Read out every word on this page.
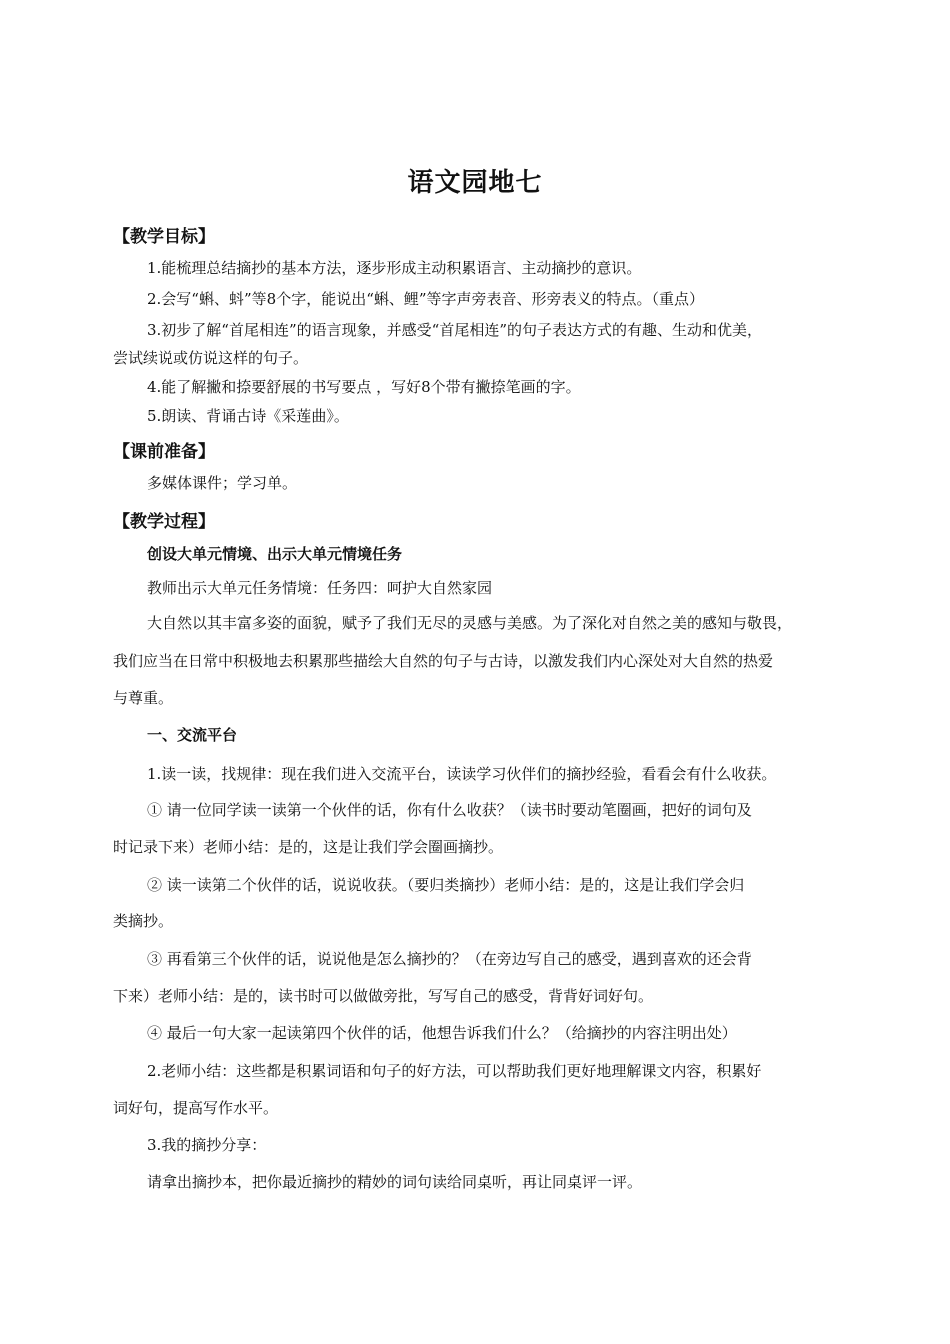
语文园地七
【教学目标】
1.能梳理总结摘抄的基本方法，逐步形成主动积累语言、主动摘抄的意识。
2.会写“蝌、蚪”等8个字，能说出“蝌、鲤”等字声旁表音、形旁表义的特点。（重点）
3.初步了解“首尾相连”的语言现象，并感受“首尾相连”的句子表达方式的有趣、生动和优美，
尝试续说或仿说这样的句子。
4.能了解撇和捺要舒展的书写要点 ，写好8个带有撇捺笔画的字。
5.朗读、背诵古诗《采莲曲》。
【课前准备】
多媒体课件；学习单。
【教学过程】
创设大单元情境、出示大单元情境任务
教师出示大单元任务情境：任务四：呵护大自然家园
大自然以其丰富多姿的面貌，赋予了我们无尽的灵感与美感。为了深化对自然之美的感知与敬畏，
我们应当在日常中积极地去积累那些描绘大自然的句子与古诗，以激发我们内心深处对大自然的热爱
与尊重。
一、交流平台
1.读一读，找规律：现在我们进入交流平台，读读学习伙伴们的摘抄经验，看看会有什么收获。
① 请一位同学读一读第一个伙伴的话，你有什么收获？（读书时要动笔圈画，把好的词句及
时记录下来）老师小结：是的，这是让我们学会圈画摘抄。
② 读一读第二个伙伴的话，说说收获。（要归类摘抄）老师小结：是的，这是让我们学会归
类摘抄。
③ 再看第三个伙伴的话，说说他是怎么摘抄的？（在旁边写自己的感受，遇到喜欢的还会背
下来）老师小结：是的，读书时可以做做旁批，写写自己的感受，背背好词好句。
④ 最后一句大家一起读第四个伙伴的话，他想告诉我们什么？（给摘抄的内容注明出处）
2.老师小结：这些都是积累词语和句子的好方法，可以帮助我们更好地理解课文内容，积累好
词好句，提高写作水平。
3.我的摘抄分享：
请拿出摘抄本，把你最近摘抄的精妙的词句读给同桌听，再让同桌评一评。
